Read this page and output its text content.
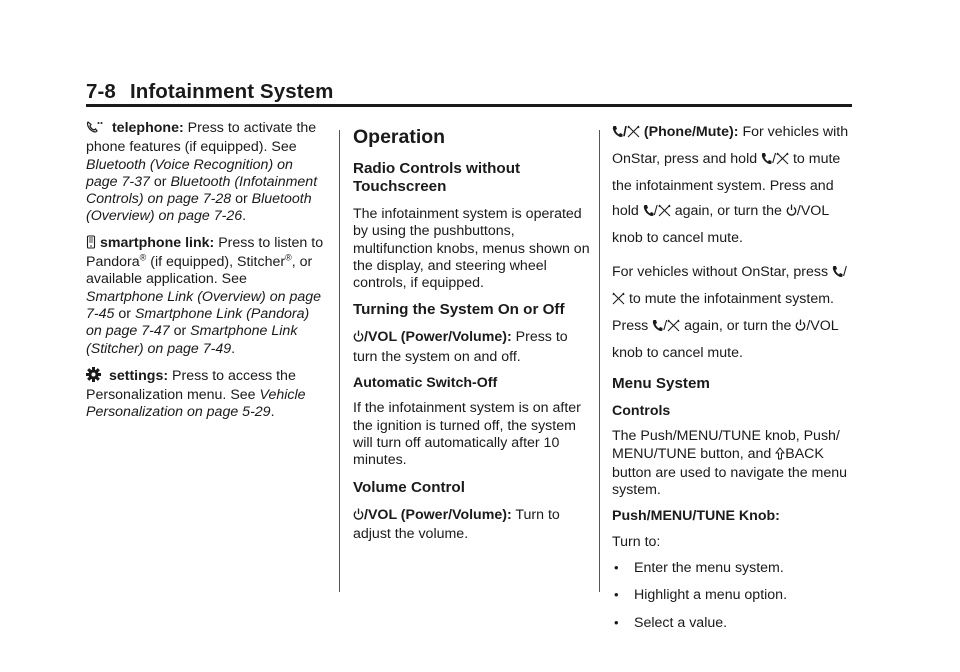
7-8 Infotainment System

telephone: Press to activate the phone features (if equipped). See Bluetooth (Voice Recognition) on page 7-37 or Bluetooth (Infotainment Controls) on page 7-28 or Bluetooth (Overview) on page 7-26.

smartphone link: Press to listen to Pandora® (if equipped), Stitcher®, or available application. See Smartphone Link (Overview) on page 7-45 or Smartphone Link (Pandora) on page 7-47 or Smartphone Link (Stitcher) on page 7-49.

settings: Press to access the Personalization menu. See Vehicle Personalization on page 5-29.

Operation
Radio Controls without Touchscreen

The infotainment system is operated by using the pushbuttons, multifunction knobs, menus shown on the display, and steering wheel controls, if equipped.

Turning the System On or Off

/VOL (Power/Volume): Press to turn the system on and off.

Automatic Switch-Off

If the infotainment system is on after the ignition is turned off, the system will turn off automatically after 10 minutes.

Volume Control

/VOL (Power/Volume): Turn to adjust the volume.

/ (Phone/Mute): For vehicles with OnStar, press and hold / to mute the infotainment system. Press and hold / again, or turn the /VOL knob to cancel mute.

For vehicles without OnStar, press / to mute the infotainment system. Press / again, or turn the /VOL knob to cancel mute.

Menu System
Controls

The Push/MENU/TUNE knob, Push/ MENU/TUNE button, and BACK button are used to navigate the menu system.

Push/MENU/TUNE Knob:

Turn to:

• Enter the menu system.
• Highlight a menu option.
• Select a value.
